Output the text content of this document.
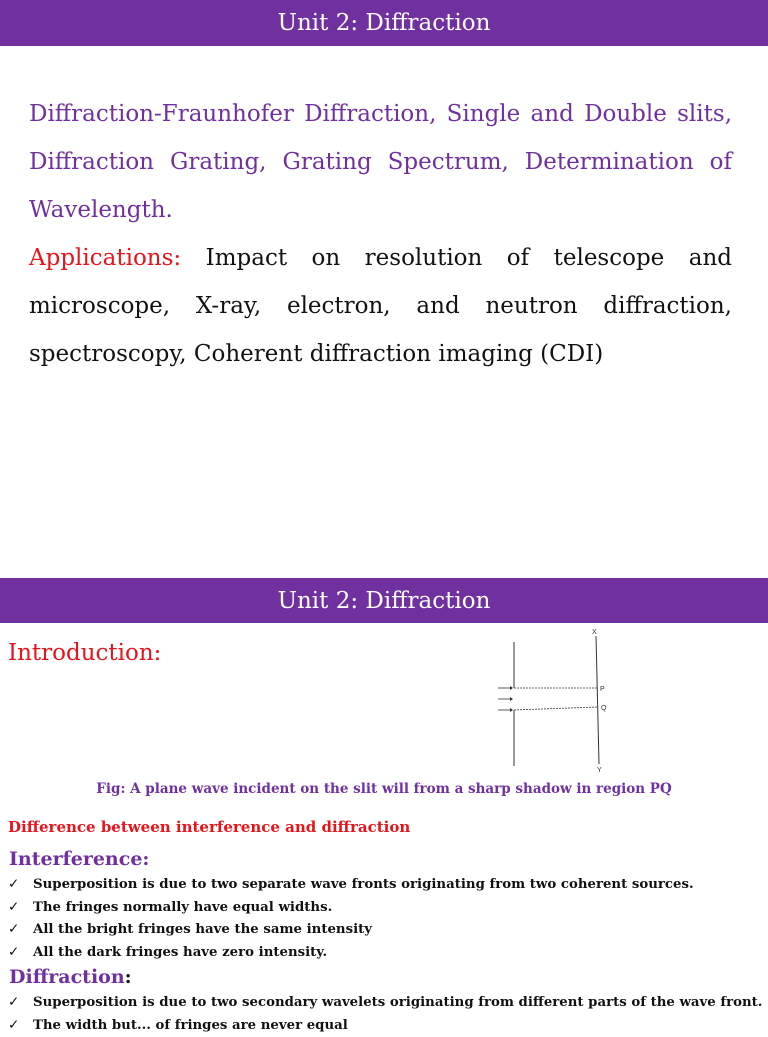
Unit 2: Diffraction
Diffraction-Fraunhofer Diffraction, Single and Double slits, Diffraction Grating, Grating Spectrum, Determination of Wavelength.
Applications: Impact on resolution of telescope and microscope, X-ray, electron, and neutron diffraction, spectroscopy, Coherent diffraction imaging (CDI)
Unit 2: Diffraction
Introduction:
X
P
Q
Y
Fig: A plane wave incident on the slit will from a sharp shadow in region PQ
Difference between interference and diffraction
Interference:
✓ Superposition is due to two separate wave fronts originating from two coherent sources.
✓ The fringes normally have equal widths.
✓ All the bright fringes have the same intensity
✓ All the dark fringes have zero intensity.
Diffraction:
✓ Superposition is due to two secondary wavelets originating from different parts of the wave front.
✓ The width but... of fringes are never equal
